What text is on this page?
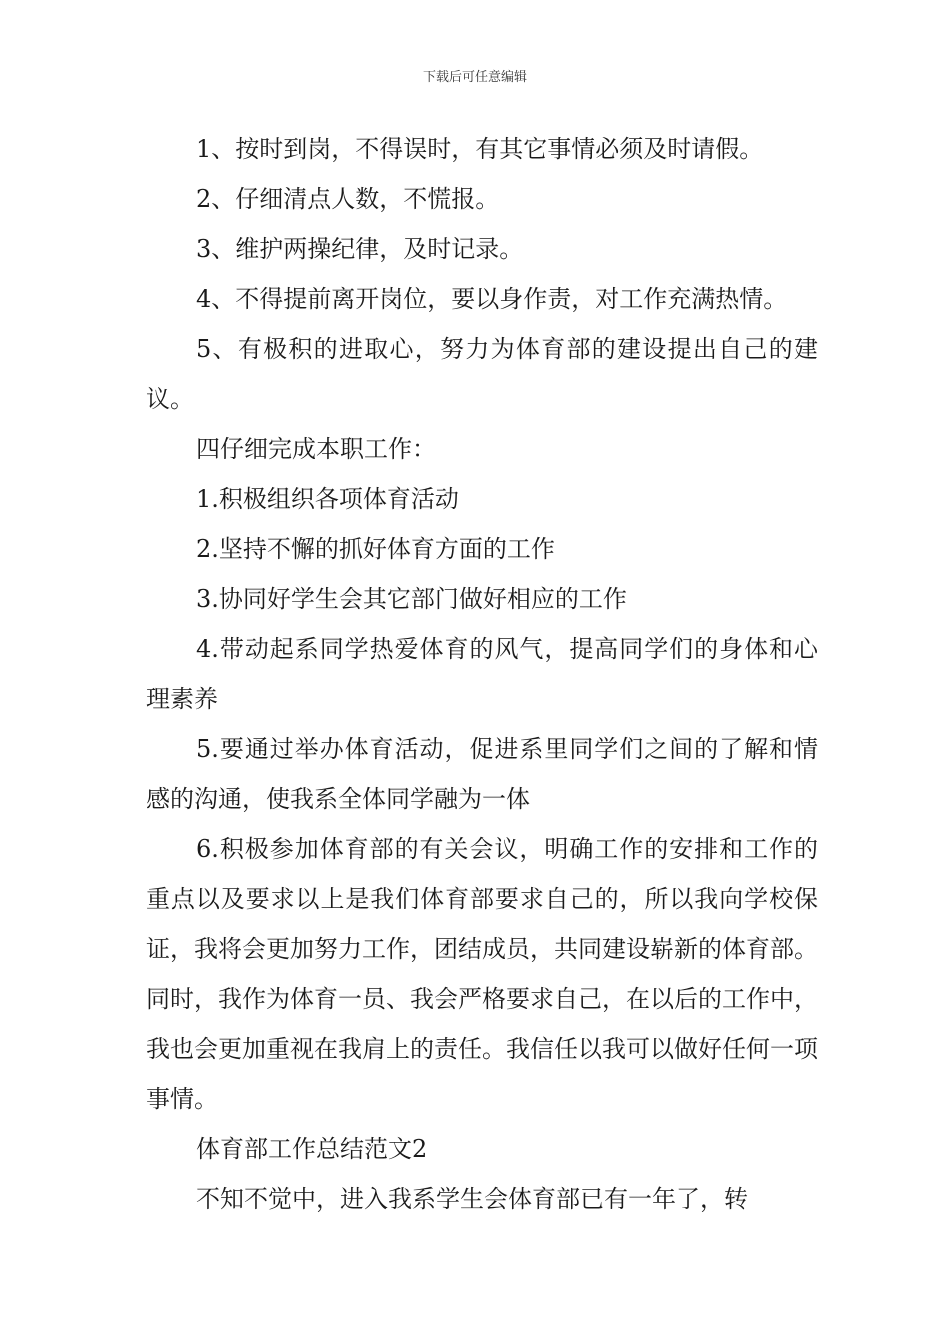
下载后可任意编辑

1、按时到岗，不得误时，有其它事情必须及时请假。

2、仔细清点人数，不慌报。

3、维护两操纪律，及时记录。

4、不得提前离开岗位，要以身作责，对工作充满热情。

5、有极积的进取心，努力为体育部的建设提出自己的建议。

四仔细完成本职工作：

1.积极组织各项体育活动

2.坚持不懈的抓好体育方面的工作

3.协同好学生会其它部门做好相应的工作

4.带动起系同学热爱体育的风气，提高同学们的身体和心理素养

5.要通过举办体育活动，促进系里同学们之间的了解和情感的沟通，使我系全体同学融为一体

6.积极参加体育部的有关会议，明确工作的安排和工作的重点以及要求以上是我们体育部要求自己的，所以我向学校保证，我将会更加努力工作，团结成员，共同建设崭新的体育部。同时，我作为体育一员、我会严格要求自己，在以后的工作中，我也会更加重视在我肩上的责任。我信任以我可以做好任何一项事情。

体育部工作总结范文2

不知不觉中，进入我系学生会体育部已有一年了，转
